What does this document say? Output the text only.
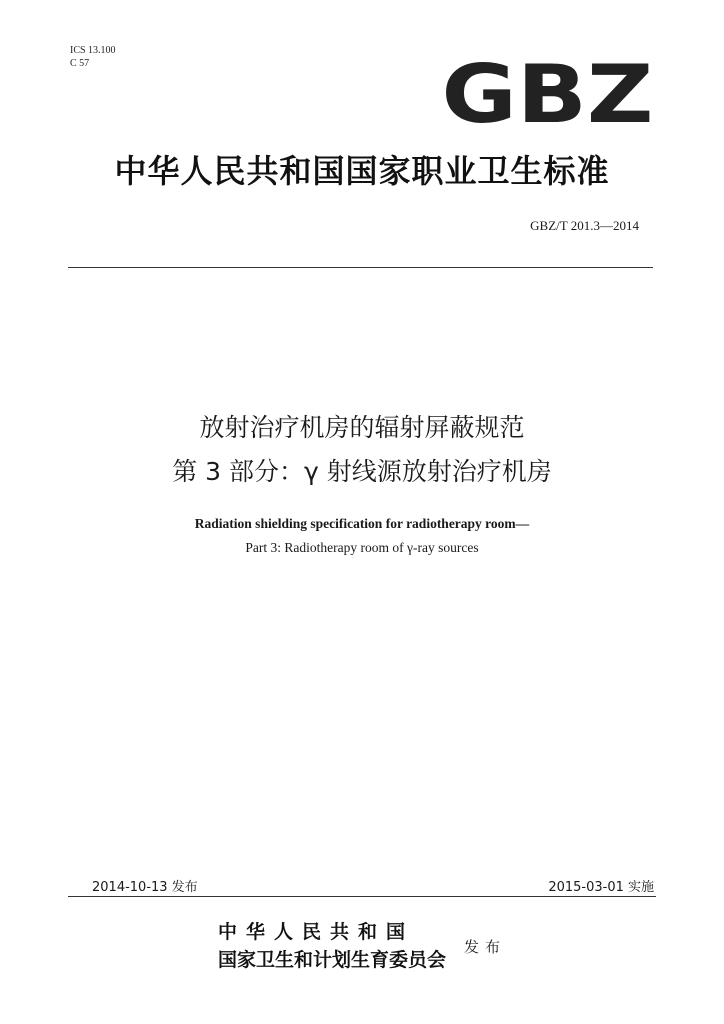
ICS 13.100
C 57	GBZ
中华人民共和国国家职业卫生标准
GBZ/T 201.3—2014
放射治疗机房的辐射屏蔽规范
第 3 部分：γ 射线源放射治疗机房
Radiation shielding specification for radiotherapy room—
Part 3: Radiotherapy room of γ-ray sources
2014-10-13 发布	2015-03-01 实施
中华人民共和国
国家卫生和计划生育委员会
发布
